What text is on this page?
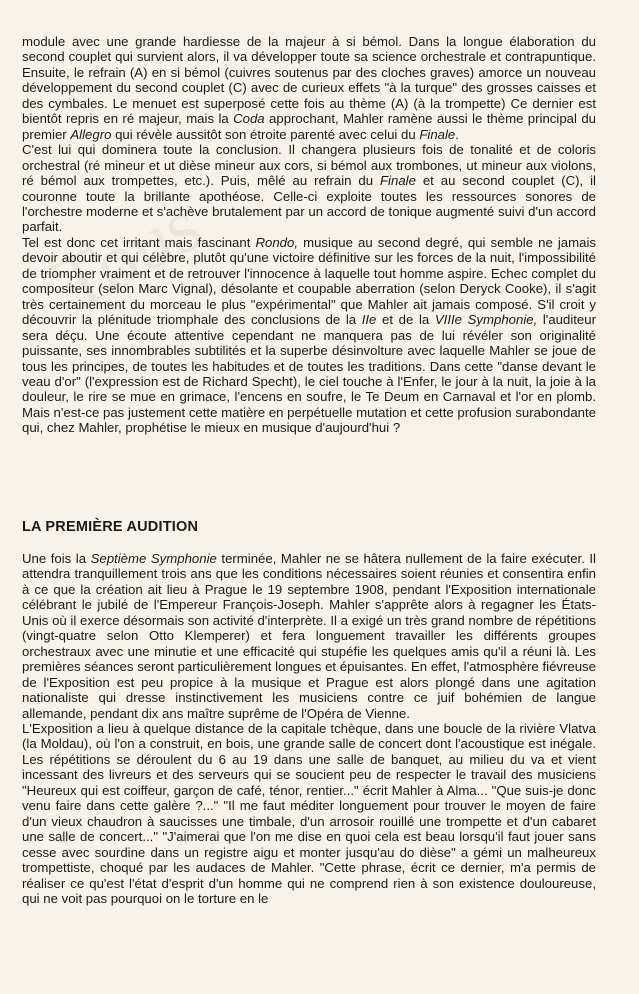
module avec une grande hardiesse de la majeur à si bémol. Dans la longue élaboration du second couplet qui survient alors, il va développer toute sa science orchestrale et contrapuntique. Ensuite, le refrain (A) en si bémol (cuivres soutenus par des cloches graves) amorce un nouveau développement du second couplet (C) avec de curieux effets "à la turque" des grosses caisses et des cymbales. Le menuet est superposé cette fois au thème (A) (à la trompette) Ce dernier est bientôt repris en ré majeur, mais la Coda approchant, Mahler ramène aussi le thème principal du premier Allegro qui révèle aussitôt son étroite parenté avec celui du Finale.

C'est lui qui dominera toute la conclusion. Il changera plusieurs fois de tonalité et de coloris orchestral (ré mineur et ut dièse mineur aux cors, si bémol aux trombones, ut mineur aux violons, ré bémol aux trompettes, etc.). Puis, mêlé au refrain du Finale et au second couplet (C), il couronne toute la brillante apothéose. Celle-ci exploite toutes les ressources sonores de l'orchestre moderne et s'achève brutalement par un accord de tonique augmenté suivi d'un accord parfait.

Tel est donc cet irritant mais fascinant Rondo, musique au second degré, qui semble ne jamais devoir aboutir et qui célèbre, plutôt qu'une victoire définitive sur les forces de la nuit, l'impossibilité de triompher vraiment et de retrouver l'innocence à laquelle tout homme aspire. Echec complet du compositeur (selon Marc Vignal), désolante et coupable aberration (selon Deryck Cooke), il s'agit très certainement du morceau le plus "expérimental" que Mahler ait jamais composé. S'il croit y découvrir la plénitude triomphale des conclusions de la IIe et de la VIIIe Symphonie, l'auditeur sera déçu. Une écoute attentive cependant ne manquera pas de lui révéler son originalité puissante, ses innombrables subtilités et la superbe désinvolture avec laquelle Mahler se joue de tous les principes, de toutes les habitudes et de toutes les traditions. Dans cette "danse devant le veau d'or" (l'expression est de Richard Specht), le ciel touche à l'Enfer, le jour à la nuit, la joie à la douleur, le rire se mue en grimace, l'encens en soufre, le Te Deum en Carnaval et l'or en plomb. Mais n'est-ce pas justement cette matière en perpétuelle mutation et cette profusion surabondante qui, chez Mahler, prophétise le mieux en musique d'aujourd'hui ?

LA PREMIÈRE AUDITION

Une fois la Septième Symphonie terminée, Mahler ne se hâtera nullement de la faire exécuter. Il attendra tranquillement trois ans que les conditions nécessaires soient réunies et consentira enfin à ce que la création ait lieu à Prague le 19 septembre 1908, pendant l'Exposition internationale célébrant le jubilé de l'Empereur François-Joseph. Mahler s'apprête alors à regagner les États-Unis où il exerce désormais son activité d'interprète. Il a exigé un très grand nombre de répétitions (vingt-quatre selon Otto Klemperer) et fera longuement travailler les différents groupes orchestraux avec une minutie et une efficacité qui stupéfie les quelques amis qu'il a réuni là. Les premières séances seront particulièrement longues et épuisantes. En effet, l'atmosphère fiévreuse de l'Exposition est peu propice à la musique et Prague est alors plongé dans une agitation nationaliste qui dresse instinctivement les musiciens contre ce juif bohémien de langue allemande, pendant dix ans maître suprême de l'Opéra de Vienne.

L'Exposition a lieu à quelque distance de la capitale tchèque, dans une boucle de la rivière Vlatva (la Moldau), où l'on a construit, en bois, une grande salle de concert dont l'acoustique est inégale. Les répétitions se déroulent du 6 au 19 dans une salle de banquet, au milieu du va et vient incessant des livreurs et des serveurs qui se soucient peu de respecter le travail des musiciens "Heureux qui est coiffeur, garçon de café, ténor, rentier..." écrit Mahler à Alma... "Que suis-je donc venu faire dans cette galère ?..." "Il me faut méditer longuement pour trouver le moyen de faire d'un vieux chaudron à saucisses une timbale, d'un arrosoir rouillé une trompette et d'un cabaret une salle de concert..." "J'aimerai que l'on me dise en quoi cela est beau lorsqu'il faut jouer sans cesse avec sourdine dans un registre aigu et monter jusqu'au do dièse" a gémi un malheureux trompettiste, choqué par les audaces de Mahler. "Cette phrase, écrit ce dernier, m'a permis de réaliser ce qu'est l'état d'esprit d'un homme qui ne comprend rien à son existence douloureuse, qui ne voit pas pourquoi on le torture en le
